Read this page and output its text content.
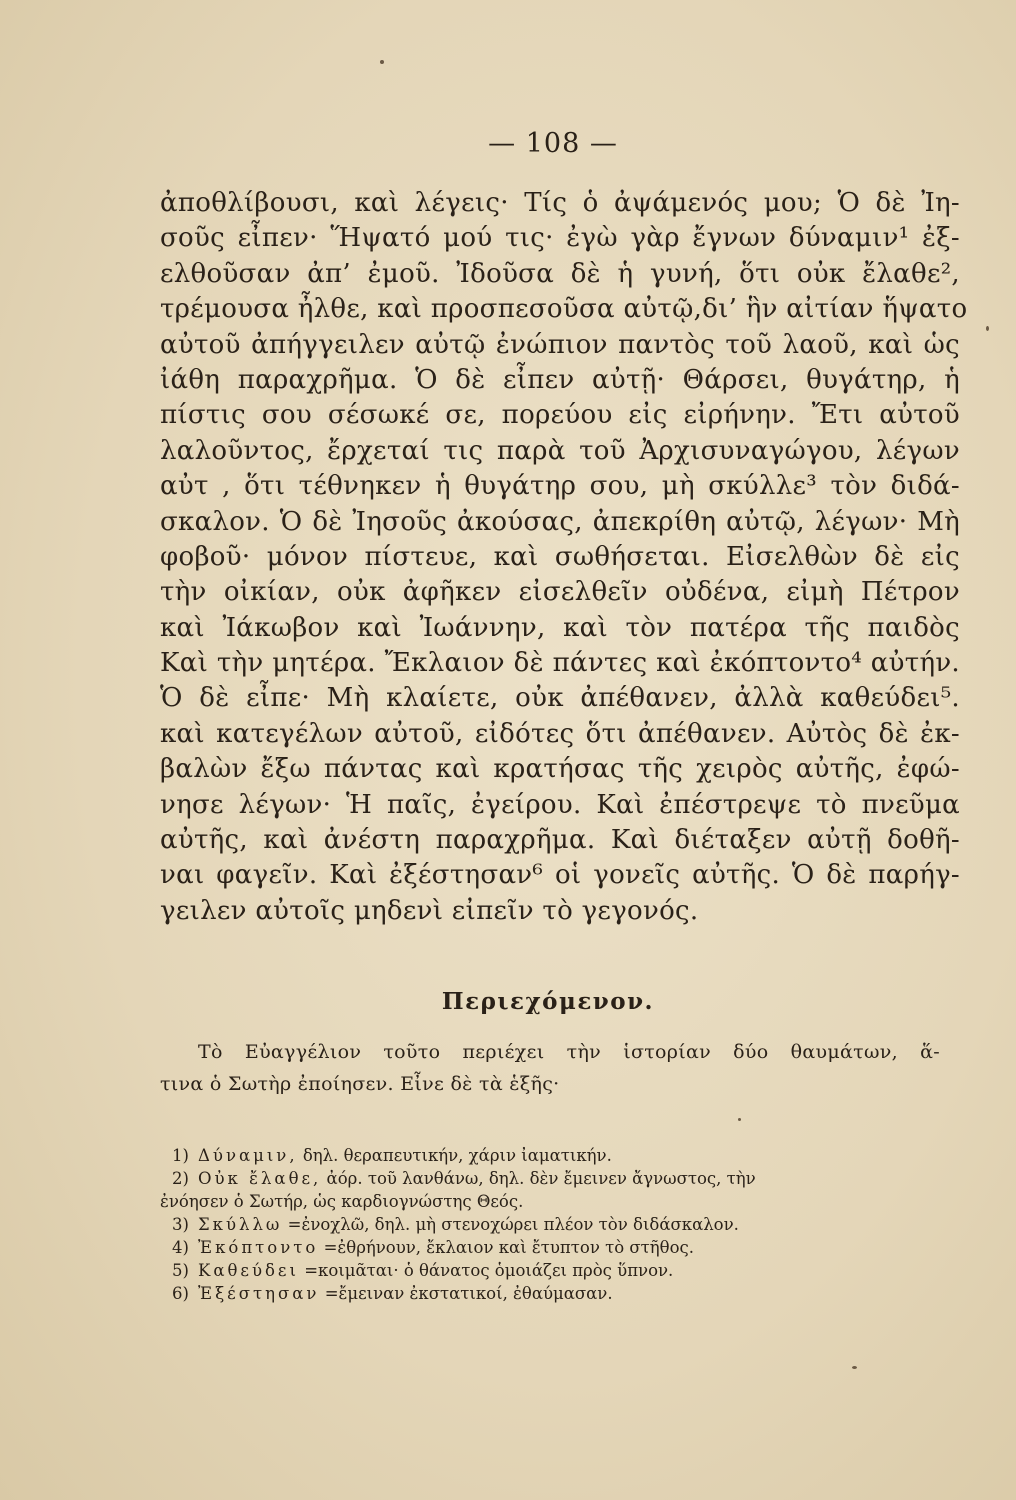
— 108 —
ἀποθλίβουσι, καὶ λέγεις· Τίς ὁ ἀψάμενός μου; Ὁ δὲ Ἰη-
σοῦς εἶπεν· Ἥψατό μού τις· ἐγὼ γὰρ ἔγνων δύναμιν¹ ἐξ-
ελθοῦσαν ἀπ’ ἐμοῦ. Ἰδοῦσα δὲ ἡ γυνή, ὅτι οὐκ ἔλαθε²,
τρέμουσα ἦλθε, καὶ προσπεσοῦσα αὐτῷ,δι’ ἣν αἰτίαν ἥψατο
αὐτοῦ ἀπήγγειλεν αὐτῷ ἐνώπιον παντὸς τοῦ λαοῦ, καὶ ὡς
ἰάθη παραχρῆμα. Ὁ δὲ εἶπεν αὐτῇ· Θάρσει, θυγάτηρ, ἡ
πίστις σου σέσωκέ σε, πορεύου εἰς εἰρήνην. Ἔτι αὐτοῦ
λαλοῦντος, ἔρχεταί τις παρὰ τοῦ Ἀρχισυναγώγου, λέγων
αὐτ , ὅτι τέθνηκεν ἡ θυγάτηρ σου, μὴ σκύλλε³ τὸν διδά-
σκαλον. Ὁ δὲ Ἰησοῦς ἀκούσας, ἀπεκρίθη αὐτῷ, λέγων· Μὴ
φοβοῦ· μόνον πίστευε, καὶ σωθήσεται. Εἰσελθὼν δὲ εἰς
τὴν οἰκίαν, οὐκ ἀφῆκεν εἰσελθεῖν οὐδένα, εἰμὴ Πέτρον
καὶ Ἰάκωβον καὶ Ἰωάννην, καὶ τὸν πατέρα τῆς παιδὸς
Καὶ τὴν μητέρα. Ἔκλαιον δὲ πάντες καὶ ἐκόπτοντο⁴ αὐτήν.
Ὁ δὲ εἶπε· Μὴ κλαίετε, οὐκ ἀπέθανεν, ἀλλὰ καθεύδει⁵.
καὶ κατεγέλων αὐτοῦ, εἰδότες ὅτι ἀπέθανεν. Αὐτὸς δὲ ἐκ-
βαλὼν ἔξω πάντας καὶ κρατήσας τῆς χειρὸς αὐτῆς, ἐφώ-
νησε λέγων· Ἡ παῖς, ἐγείρου. Καὶ ἐπέστρεψε τὸ πνεῦμα
αὐτῆς, καὶ ἀνέστη παραχρῆμα. Καὶ διέταξεν αὐτῇ δοθῆ-
ναι φαγεῖν. Καὶ ἐξέστησαν⁶ οἱ γονεῖς αὐτῆς. Ὁ δὲ παρήγ-
γειλεν αὐτοῖς μηδενὶ εἰπεῖν τὸ γεγονός.
Περιεχόμενον.
Τὸ Εὐαγγέλιον τοῦτο περιέχει τὴν ἱστορίαν δύο θαυμάτων, ἅ-
τινα ὁ Σωτὴρ ἐποίησεν. Εἶνε δὲ τὰ ἑξῆς·
1) Δύναμιν, δηλ. θεραπευτικήν, χάριν ἰαματικήν.
2) Οὐκ ἔλαθε, ἀόρ. τοῦ λανθάνω, δηλ. δὲν ἔμεινεν ἄγνωστος, τὴν
ἐνόησεν ὁ Σωτήρ, ὡς καρδιογνώστης Θεός.
3) Σκύλλω =ἐνοχλῶ, δηλ. μὴ στενοχώρει πλέον τὸν διδάσκαλον.
4) Ἐκόπτοντο =ἐθρήνουν, ἔκλαιον καὶ ἔτυπτον τὸ στῆθος.
5) Καθεύδει =κοιμᾶται· ὁ θάνατος ὁμοιάζει πρὸς ὕπνον.
6) Ἐξέστησαν =ἔμειναν ἐκστατικοί, ἐθαύμασαν.
